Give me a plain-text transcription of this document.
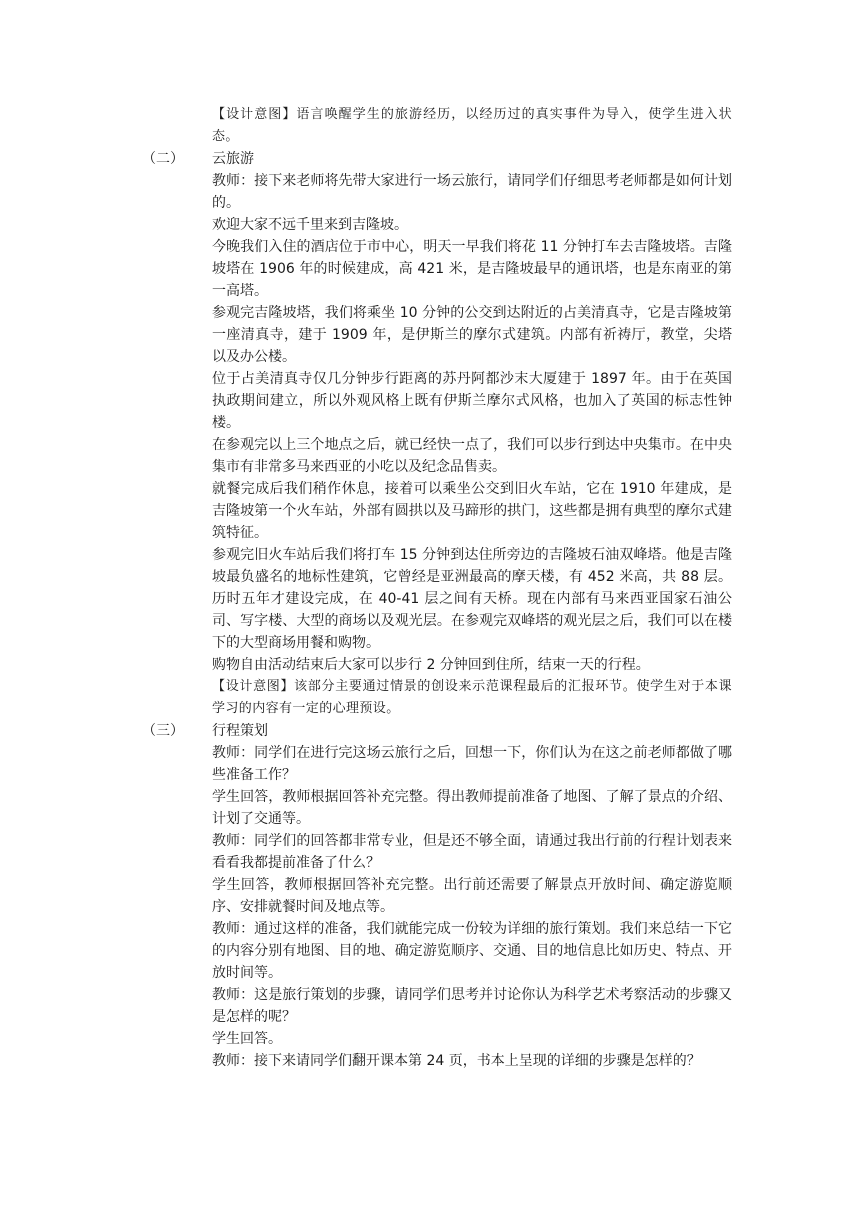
【设计意图】语言唤醒学生的旅游经历，以经历过的真实事件为导入，使学生进入状态。

（二） 云旅游

教师：接下来老师将先带大家进行一场云旅行，请同学们仔细思考老师都是如何计划的。

欢迎大家不远千里来到吉隆坡。

今晚我们入住的酒店位于市中心，明天一早我们将花 11 分钟打车去吉隆坡塔。吉隆坡塔在 1906 年的时候建成，高 421 米，是吉隆坡最早的通讯塔，也是东南亚的第一高塔。

参观完吉隆坡塔，我们将乘坐 10 分钟的公交到达附近的占美清真寺，它是吉隆坡第一座清真寺，建于 1909 年，是伊斯兰的摩尔式建筑。内部有祈祷厅，教堂，尖塔以及办公楼。

位于占美清真寺仅几分钟步行距离的苏丹阿都沙末大厦建于 1897 年。由于在英国执政期间建立，所以外观风格上既有伊斯兰摩尔式风格，也加入了英国的标志性钟楼。

在参观完以上三个地点之后，就已经快一点了，我们可以步行到达中央集市。在中央集市有非常多马来西亚的小吃以及纪念品售卖。

就餐完成后我们稍作休息，接着可以乘坐公交到旧火车站，它在 1910 年建成，是吉隆坡第一个火车站，外部有圆拱以及马蹄形的拱门，这些都是拥有典型的摩尔式建筑特征。

参观完旧火车站后我们将打车 15 分钟到达住所旁边的吉隆坡石油双峰塔。他是吉隆坡最负盛名的地标性建筑，它曾经是亚洲最高的摩天楼，有 452 米高，共 88 层。历时五年才建设完成，在 40-41 层之间有天桥。现在内部有马来西亚国家石油公司、写字楼、大型的商场以及观光层。在参观完双峰塔的观光层之后，我们可以在楼下的大型商场用餐和购物。

购物自由活动结束后大家可以步行 2 分钟回到住所，结束一天的行程。

【设计意图】该部分主要通过情景的创设来示范课程最后的汇报环节。使学生对于本课学习的内容有一定的心理预设。

（三） 行程策划

教师：同学们在进行完这场云旅行之后，回想一下，你们认为在这之前老师都做了哪些准备工作？

学生回答，教师根据回答补充完整。得出教师提前准备了地图、了解了景点的介绍、计划了交通等。

教师：同学们的回答都非常专业，但是还不够全面，请通过我出行前的行程计划表来看看我都提前准备了什么？

学生回答，教师根据回答补充完整。出行前还需要了解景点开放时间、确定游览顺序、安排就餐时间及地点等。

教师：通过这样的准备，我们就能完成一份较为详细的旅行策划。我们来总结一下它的内容分别有地图、目的地、确定游览顺序、交通、目的地信息比如历史、特点、开放时间等。

教师：这是旅行策划的步骤，请同学们思考并讨论你认为科学艺术考察活动的步骤又是怎样的呢？

学生回答。

教师：接下来请同学们翻开课本第 24 页，书本上呈现的详细的步骤是怎样的？
